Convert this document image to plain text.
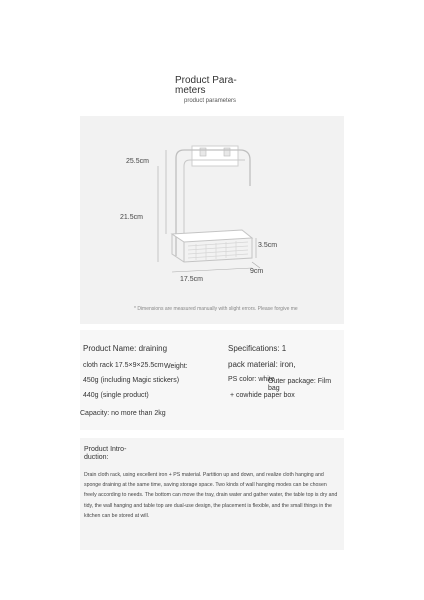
Product Para-
meters
product parameters
25.5cm
21.5cm
3.5cm
9cm
17.5cm
* Dimensions are measured manually with slight errors. Please forgive me
Product Name: draining
cloth rack 17.5×9×25.5cm Weight:
450g (including Magic stickers)
440g (single product)
Capacity: no more than 2kg
Specifications: 1
pack material: iron,
PS color: white
Outer package: Film bag
+ cowhide paper box
Product Intro-
duction:
Drain cloth rack, using excellent iron + PS material. Partition up and down, and realize cloth hanging and sponge draining at the same time, saving storage space. Two kinds of wall hanging modes can be chosen freely according to needs. The bottom can move the tray, drain water and gather water, the table top is dry and tidy, the wall hanging and table top are dual-use design, the placement is flexible, and the small things in the kitchen can be stored at will.
